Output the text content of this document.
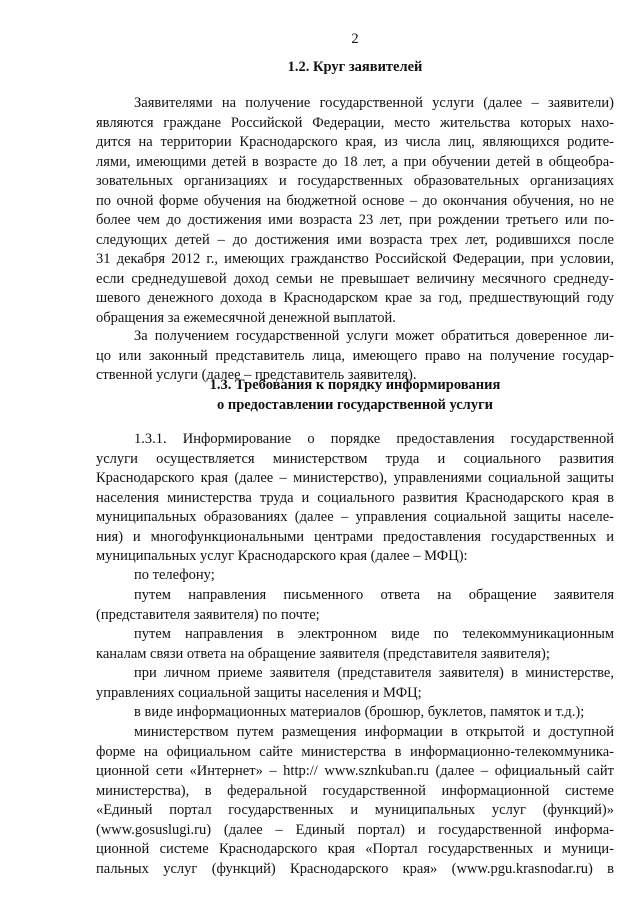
2
1.2. Круг заявителей
Заявителями на получение государственной услуги (далее – заявители)
являются граждане Российской Федерации, место жительства которых нахо-
дится на территории Краснодарского края, из числа лиц, являющихся родите-
лями, имеющими детей в возрасте до 18 лет, а при обучении детей в общеобра-
зовательных организациях и государственных образовательных организациях
по очной форме обучения на бюджетной основе – до окончания обучения, но не
более чем до достижения ими возраста 23 лет, при рождении третьего или по-
следующих детей – до достижения ими возраста трех лет, родившихся после
31 декабря 2012 г., имеющих гражданство Российской Федерации, при условии,
если среднедушевой доход семьи не превышает величину месячного среднеду-
шевого денежного дохода в Краснодарском крае за год, предшествующий году
обращения за ежемесячной денежной выплатой.
За получением государственной услуги может обратиться доверенное ли-
цо или законный представитель лица, имеющего право на получение государ-
ственной услуги (далее – представитель заявителя).
1.3. Требования к порядку информирования
о предоставлении государственной услуги
1.3.1. Информирование о порядке предоставления государственной
услуги осуществляется министерством труда и социального развития
Краснодарского края (далее – министерство), управлениями социальной защиты
населения министерства труда и социального развития Краснодарского края в
муниципальных образованиях (далее – управления социальной защиты населе-
ния) и многофункциональными центрами предоставления государственных и
муниципальных услуг Краснодарского края (далее – МФЦ):
по телефону;
путем направления письменного ответа на обращение заявителя
(представителя заявителя) по почте;
путем направления в электронном виде по телекоммуникационным
каналам связи ответа на обращение заявителя (представителя заявителя);
при личном приеме заявителя (представителя заявителя) в министерстве,
управлениях социальной защиты населения и МФЦ;
в виде информационных материалов (брошюр, буклетов, памяток и т.д.);
министерством путем размещения информации в открытой и доступной
форме на официальном сайте министерства в информационно-телекоммуника-
ционной сети «Интернет» – http:// www.sznkuban.ru (далее – официальный сайт
министерства), в федеральной государственной информационной системе
«Единый портал государственных и муниципальных услуг (функций)»
(www.gosuslugi.ru) (далее – Единый портал) и государственной информа-
ционной системе Краснодарского края «Портал государственных и муници-
пальных услуг (функций) Краснодарского края» (www.pgu.krasnodar.ru) в
